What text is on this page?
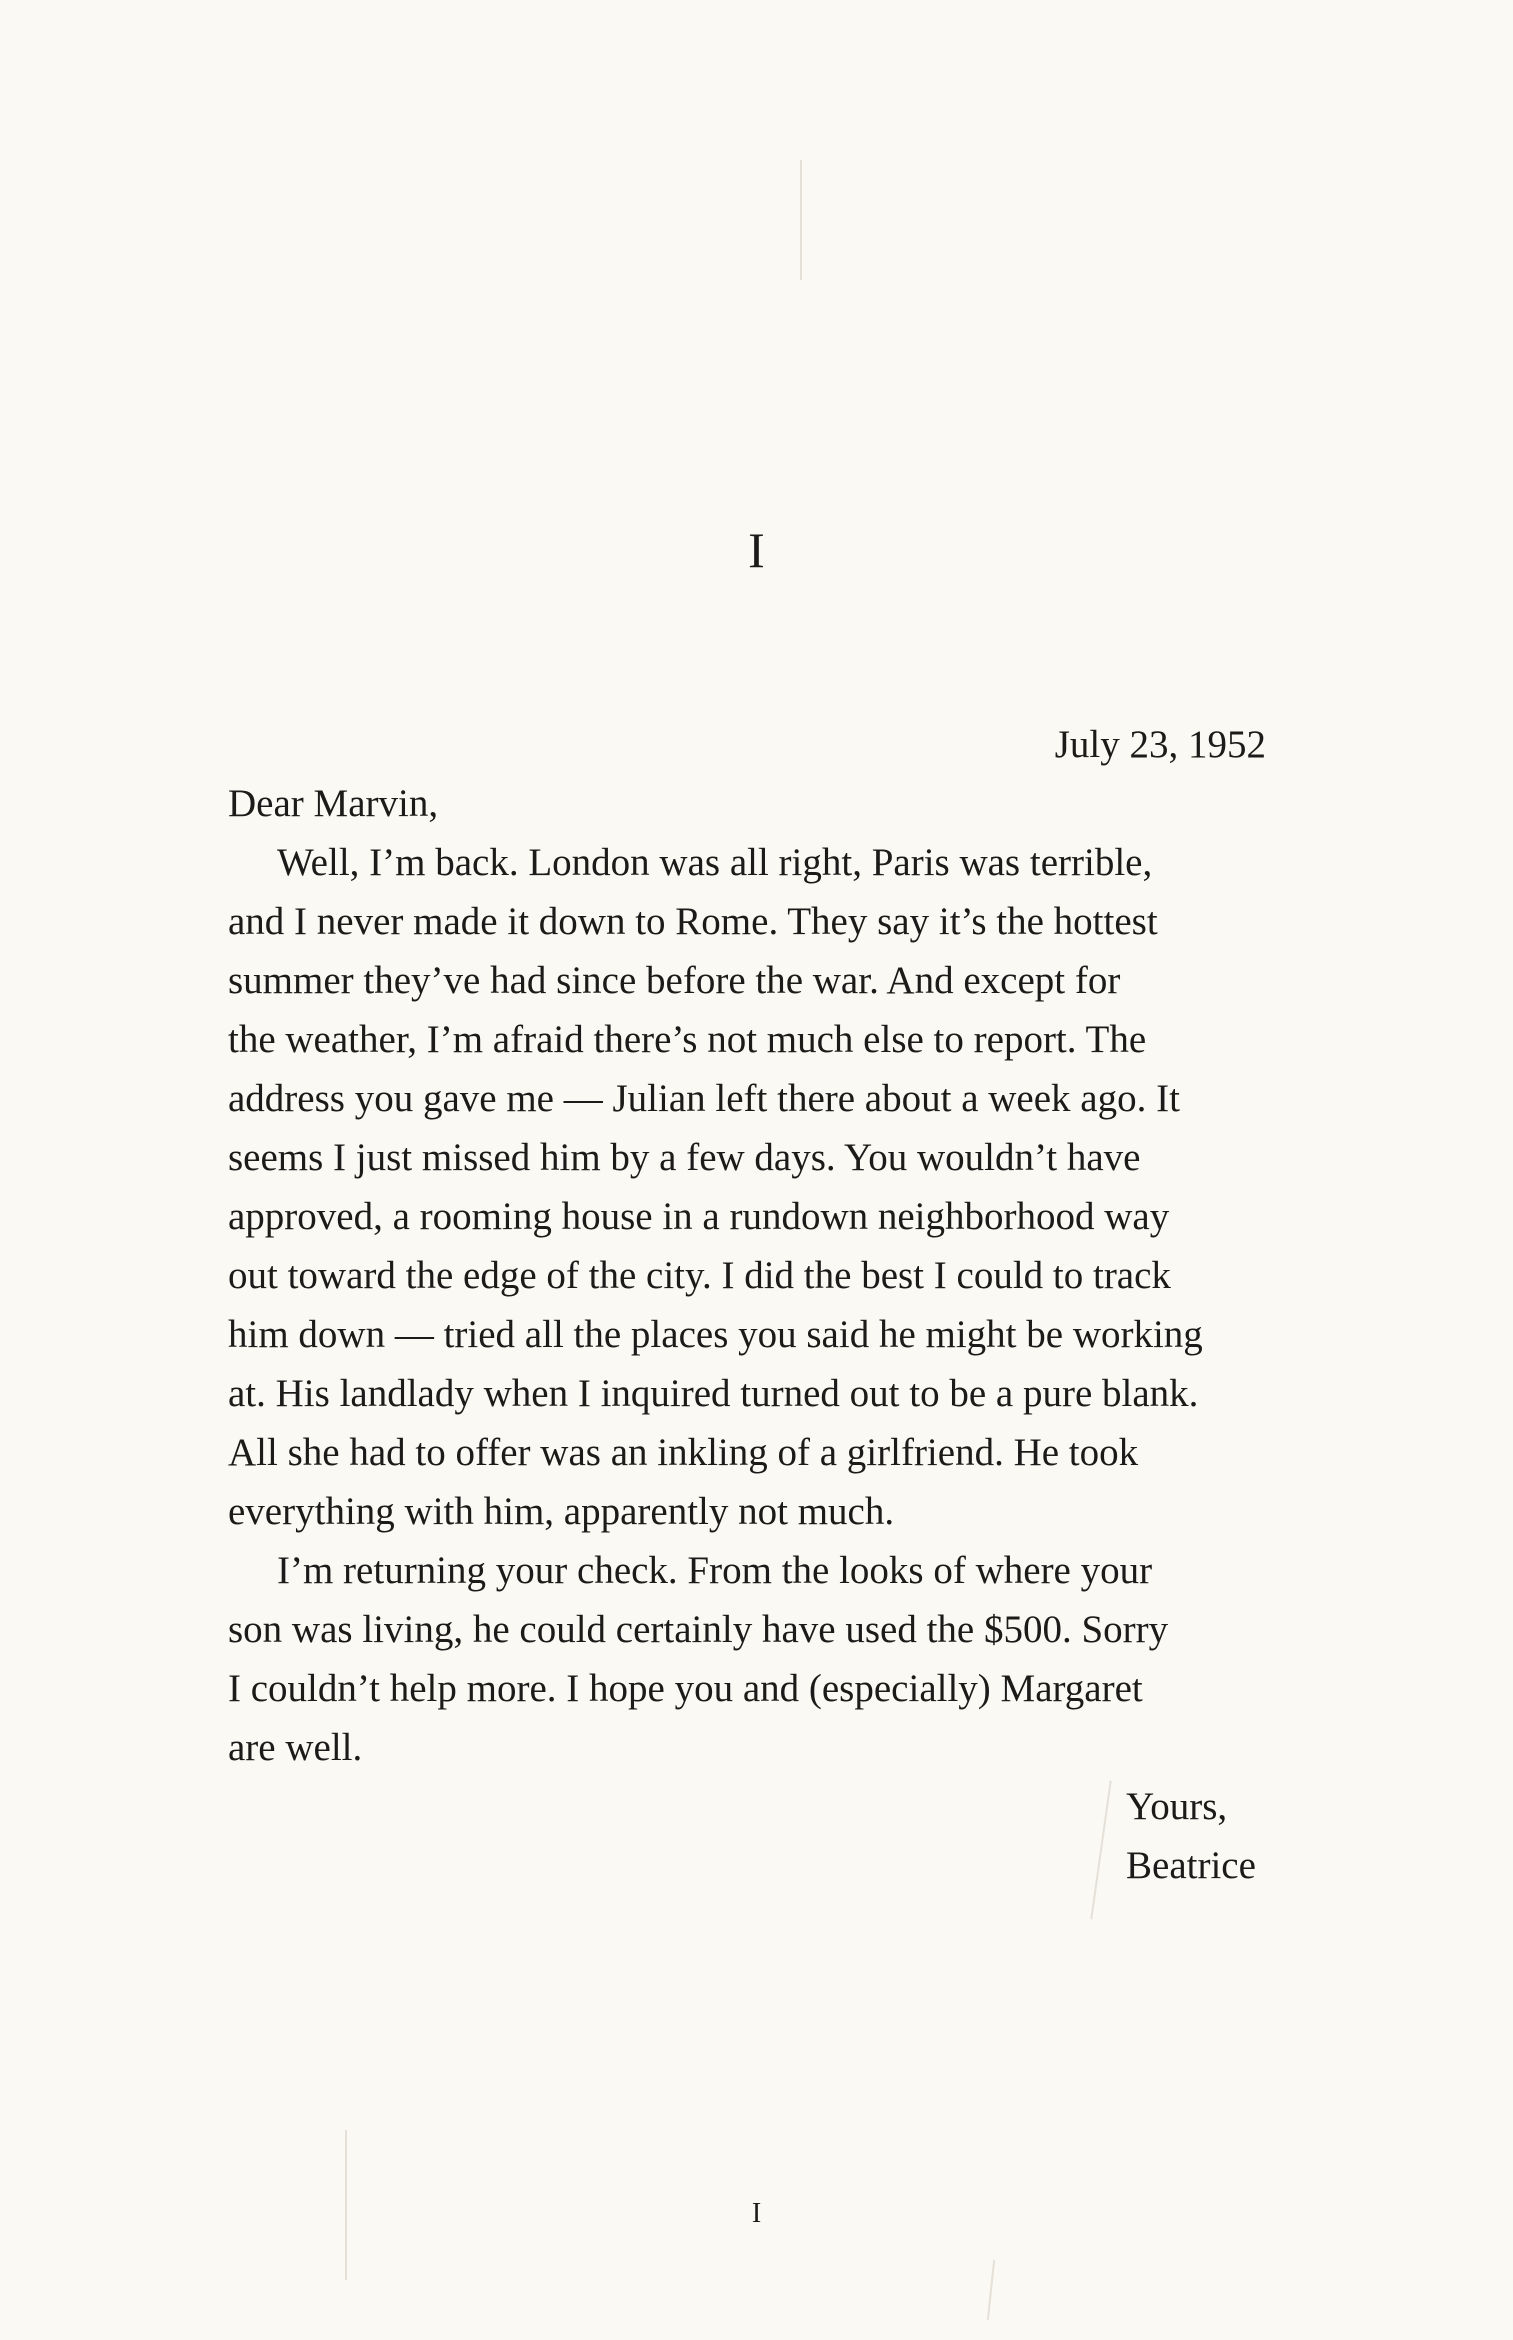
I
July 23, 1952
Dear Marvin,
Well, I’m back. London was all right, Paris was terrible,
and I never made it down to Rome. They say it’s the hottest
summer they’ve had since before the war. And except for
the weather, I’m afraid there’s not much else to report. The
address you gave me — Julian left there about a week ago. It
seems I just missed him by a few days. You wouldn’t have
approved, a rooming house in a rundown neighborhood way
out toward the edge of the city. I did the best I could to track
him down — tried all the places you said he might be working
at. His landlady when I inquired turned out to be a pure blank.
All she had to offer was an inkling of a girlfriend. He took
everything with him, apparently not much.
I’m returning your check. From the looks of where your
son was living, he could certainly have used the $500. Sorry
I couldn’t help more. I hope you and (especially) Margaret
are well.
Yours,
Beatrice
I
